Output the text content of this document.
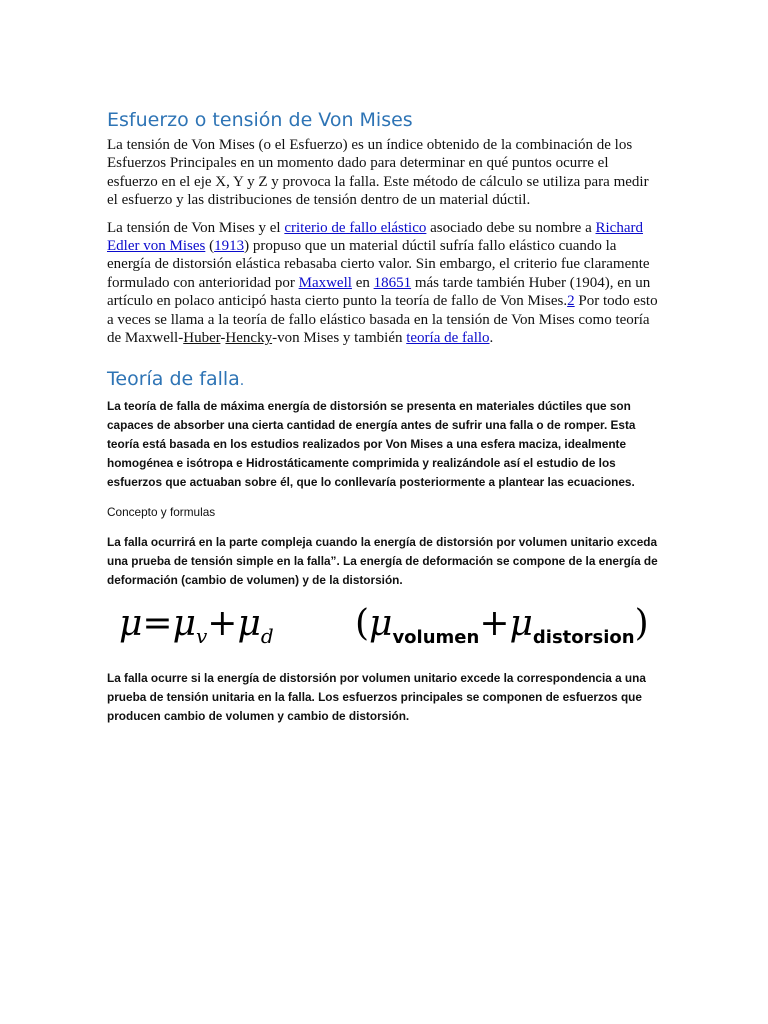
Esfuerzo o tensión de Von Mises

La tensión de Von Mises (o el Esfuerzo) es un índice obtenido de la combinación de los Esfuerzos Principales en un momento dado para determinar en qué puntos ocurre el esfuerzo en el eje X, Y y Z y provoca la falla. Este método de cálculo se utiliza para medir el esfuerzo y las distribuciones de tensión dentro de un material dúctil.

La tensión de Von Mises y el criterio de fallo elástico asociado debe su nombre a Richard Edler von Mises (1913) propuso que un material dúctil sufría fallo elástico cuando la energía de distorsión elástica rebasaba cierto valor. Sin embargo, el criterio fue claramente formulado con anterioridad por Maxwell en 18651 más tarde también Huber (1904), en un artículo en polaco anticipó hasta cierto punto la teoría de fallo de Von Mises.2 Por todo esto a veces se llama a la teoría de fallo elástico basada en la tensión de Von Mises como teoría de Maxwell-Huber-Hencky-von Mises y también teoría de fallo.

Teoría de falla.

La teoría de falla de máxima energía de distorsión se presenta en materiales dúctiles que son capaces de absorber una cierta cantidad de energía antes de sufrir una falla o de romper. Esta teoría está basada en los estudios realizados por Von Mises a una esfera maciza, idealmente homogénea e isótropa e Hidrostáticamente comprimida y realizándole así el estudio de los esfuerzos que actuaban sobre él, que lo conllevaría posteriormente a plantear las ecuaciones.

Concepto y formulas

La falla ocurrirá en la parte compleja cuando la energía de distorsión por volumen unitario exceda una prueba de tensión simple en la falla”. La energía de deformación se compone de la energía de deformación (cambio de volumen) y de la distorsión.

$\mu=\mu_v+\mu_d$ $(\mu_{volumen}+\mu_{distorsion})$

La falla ocurre si la energía de distorsión por volumen unitario excede la correspondencia a una prueba de tensión unitaria en la falla. Los esfuerzos principales se componen de esfuerzos que producen cambio de volumen y cambio de distorsión.
